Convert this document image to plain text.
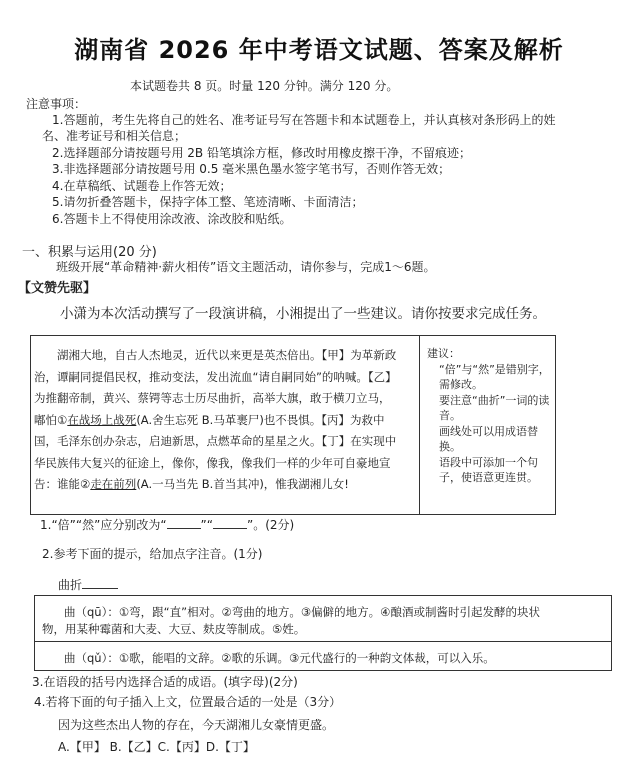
湖南省 2026 年中考语文试题、答案及解析
本试题卷共 8 页。时量 120 分钟。满分 120 分。
注意事项：
1.答题前，考生先将自己的姓名、准考证号写在答题卡和本试题卷上，并认真核对条形码上的姓
名、准考证号和相关信息；
2.选择题部分请按题号用 2B 铅笔填涂方框，修改时用橡皮擦干净，不留痕迹；
3.非选择题部分请按题号用 0.5 毫米黑色墨水签字笔书写，否则作答无效；
4.在草稿纸、试题卷上作答无效；
5.请勿折叠答题卡，保持字体工整、笔迹清晰、卡面清洁；
6.答题卡上不得使用涂改液、涂改胶和贴纸。
一、积累与运用(20 分)
班级开展“革命精神·薪火相传”语文主题活动，请你参与，完成1～6题。
【文赞先驱】
小潇为本次活动撰写了一段演讲稿，小湘提出了一些建议。请你按要求完成任务。

湖湘大地，自古人杰地灵，近代以来更是英杰倍出。【甲】为革新政

治，谭嗣同提倡民权，推动变法，发出流血“请自嗣同始”的呐喊。【乙】

为推翻帝制，黄兴、蔡锷等志士历尽曲折，高举大旗，敢于横刀立马，

嘟怕①在战场上战死(A.舍生忘死 B.马革裹尸)也不畏惧。【丙】为救中

国，毛泽东创办杂志，启迪新思，点燃革命的星星之火。【丁】在实现中

华民族伟大复兴的征途上，像你，像我，像我们一样的少年可自豪地宣

告：谁能②走在前列(A.一马当先 B.首当其冲)，惟我湖湘儿女!

建议：
“倍”与“然”是错别字，需修改。
要注意“曲折”一词的读音。
画线处可以用成语替换。
语段中可添加一个句子，使语意更连贯。
1.“倍”“然”应分别改为“	”“	”。(2分)
2.参考下面的提示，给加点字注音。(1分)
曲折
曲（qū）：①弯，跟“直”相对。②弯曲的地方。③偏僻的地方。④酿酒或制酱时引起发酵的块状
物，用某种霉菌和大麦、大豆、麸皮等制成。⑤姓。
曲（qǔ）：①歌，能唱的文辞。②歌的乐调。③元代盛行的一种韵文体裁，可以入乐。
3.在语段的括号内选择合适的成语。(填字母)(2分)
4.若将下面的句子插入上文，位置最合适的一处是（3分）
因为这些杰出人物的存在，今天湖湘儿女豪情更盛。
A.【甲】 B.【乙】C.【丙】D.【丁】
